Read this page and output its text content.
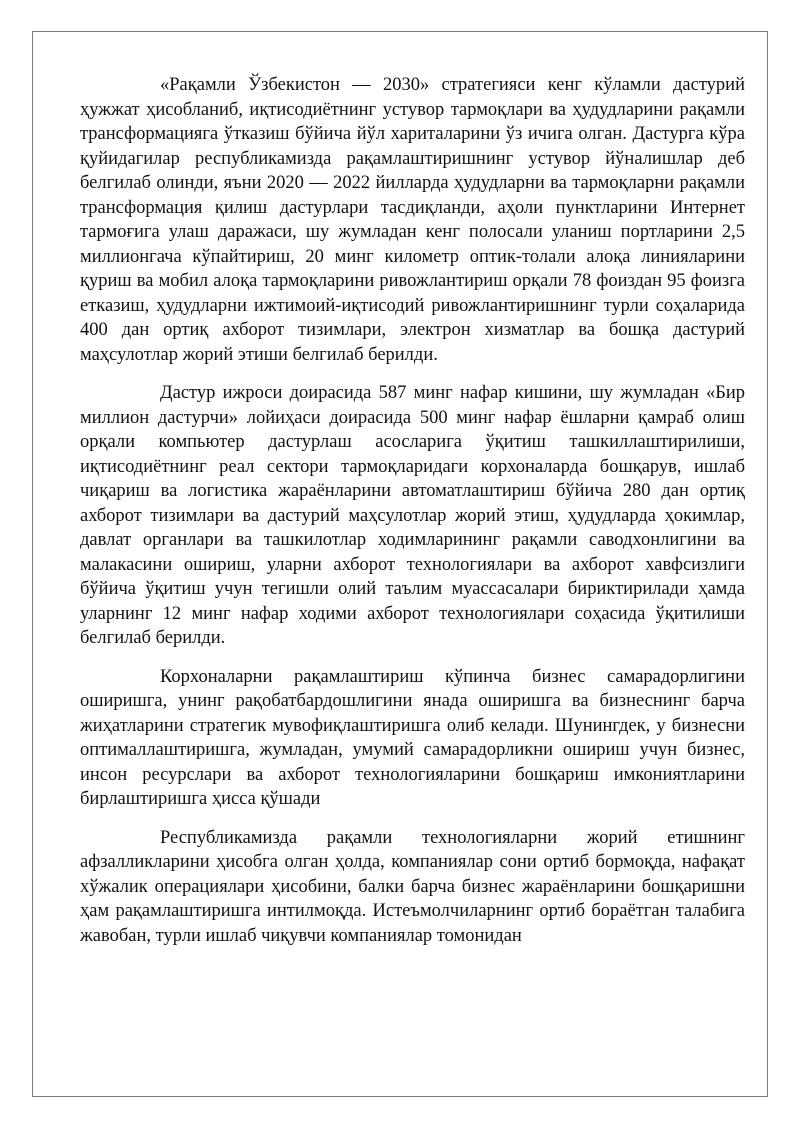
«Рақамли Ўзбекистон — 2030» стратегияси кенг кўламли дастурий ҳужжат ҳисобланиб, иқтисодиётнинг устувор тармоқлари ва ҳудудларини рақамли трансформацияга ўтказиш бўйича йўл хариталарини ўз ичига олган. Дастурга кўра қуйидагилар республикамизда рақамлаштиришнинг устувор йўналишлар деб белгилаб олинди, яъни 2020 — 2022 йилларда ҳудудларни ва тармоқларни рақамли трансформация қилиш дастурлари тасдиқланди, аҳоли пунктларини Интернет тармоғига улаш даражаси, шу жумладан кенг полосали уланиш портларини 2,5 миллионгача кўпайтириш, 20 минг километр оптик-толали алоқа линияларини қуриш ва мобил алоқа тармоқларини ривожлантириш орқали 78 фоиздан 95 фоизга етказиш, ҳудудларни ижтимоий-иқтисодий ривожлантиришнинг турли соҳаларида 400 дан ортиқ ахборот тизимлари, электрон хизматлар ва бошқа дастурий маҳсулотлар жорий этиши белгилаб берилди.

Дастур ижроси доирасида 587 минг нафар кишини, шу жумладан «Бир миллион дастурчи» лойиҳаси доирасида 500 минг нафар ёшларни қамраб олиш орқали компьютер дастурлаш асосларига ўқитиш ташкиллаштирилиши, иқтисодиётнинг реал сектори тармоқларидаги корхоналарда бошқарув, ишлаб чиқариш ва логистика жараёнларини автоматлаштириш бўйича 280 дан ортиқ ахборот тизимлари ва дастурий маҳсулотлар жорий этиш, ҳудудларда ҳокимлар, давлат органлари ва ташкилотлар ходимларининг рақамли саводхонлигини ва малакасини ошириш, уларни ахборот технологиялари ва ахборот хавфсизлиги бўйича ўқитиш учун тегишли олий таълим муассасалари бириктирилади ҳамда уларнинг 12 минг нафар ходими ахборот технологиялари соҳасида ўқитилиши белгилаб берилди.

Корхоналарни рақамлаштириш кўпинча бизнес самарадорлигини оширишга, унинг рақобатбардошлигини янада оширишга ва бизнеснинг барча жиҳатларини стратегик мувофиқлаштиришга олиб келади. Шунингдек, у бизнесни оптималлаштиришга, жумладан, умумий самарадорликни ошириш учун бизнес, инсон ресурслари ва ахборот технологияларини бошқариш имкониятларини бирлаштиришга ҳисса қўшади

Республикамизда рақамли технологияларни жорий етишнинг афзалликларини ҳисобга олган ҳолда, компаниялар сони ортиб бормоқда, нафақат хўжалик операциялари ҳисобини, балки барча бизнес жараёнларини бошқаришни ҳам рақамлаштиришга интилмоқда. Истеъмолчиларнинг ортиб бораётган талабига жавобан, турли ишлаб чиқувчи компаниялар томонидан
